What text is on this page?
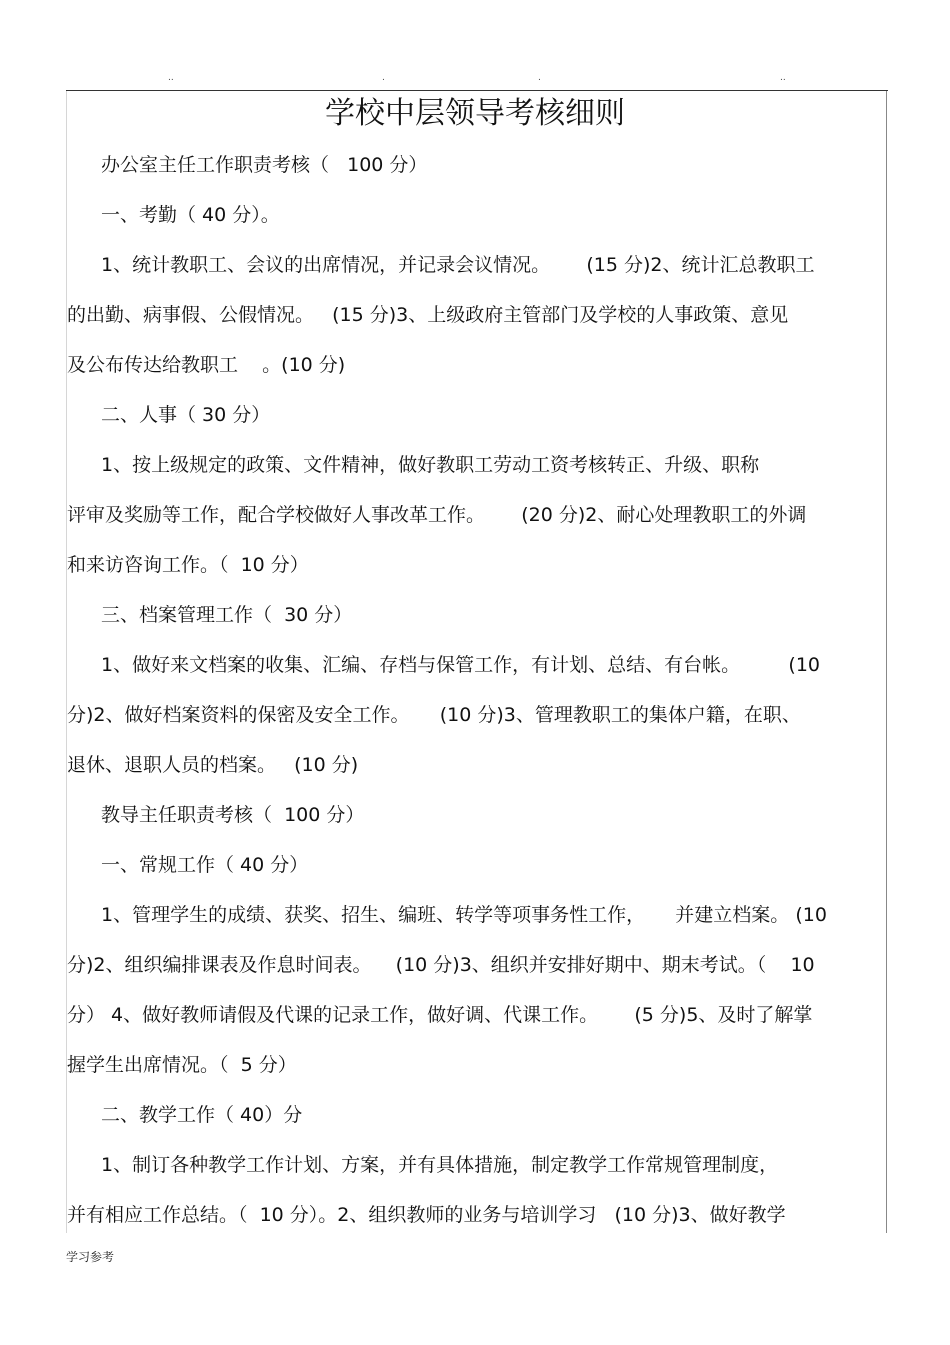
..	.	.	..
学校中层领导考核细则
办公室主任工作职责考核（   100 分）
一、考勤（ 40 分）。
1、统计教职工、会议的出席情况，并记录会议情况。      (15 分)2、统计汇总教职工
的出勤、病事假、公假情况。   (15 分)3、上级政府主管部门及学校的人事政策、意见
及公布传达给教职工    。(10 分)
二、人事（ 30 分）
1、按上级规定的政策、文件精神，做好教职工劳动工资考核转正、升级、职称
评审及奖励等工作，配合学校做好人事改革工作。      (20 分)2、耐心处理教职工的外调
和来访咨询工作。（  10 分）
三、档案管理工作（  30 分）
1、做好来文档案的收集、汇编、存档与保管工作，有计划、总结、有台帐。        (10
分)2、做好档案资料的保密及安全工作。     (10 分)3、管理教职工的集体户籍，在职、
退休、退职人员的档案。   (10 分)
教导主任职责考核（  100 分）
一、常规工作（ 40 分）
1、管理学生的成绩、获奖、招生、编班、转学等项事务性工作，     并建立档案。 (10
分)2、组织编排课表及作息时间表。    (10 分)3、组织并安排好期中、期末考试。（    10
分） 4、做好教师请假及代课的记录工作，做好调、代课工作。      (5 分)5、及时了解掌
握学生出席情况。（  5 分）
二、教学工作（ 40）分
1、制订各种教学工作计划、方案，并有具体措施，制定教学工作常规管理制度，
并有相应工作总结。（  10 分）。2、组织教师的业务与培训学习   (10 分)3、做好教学
学习参考
